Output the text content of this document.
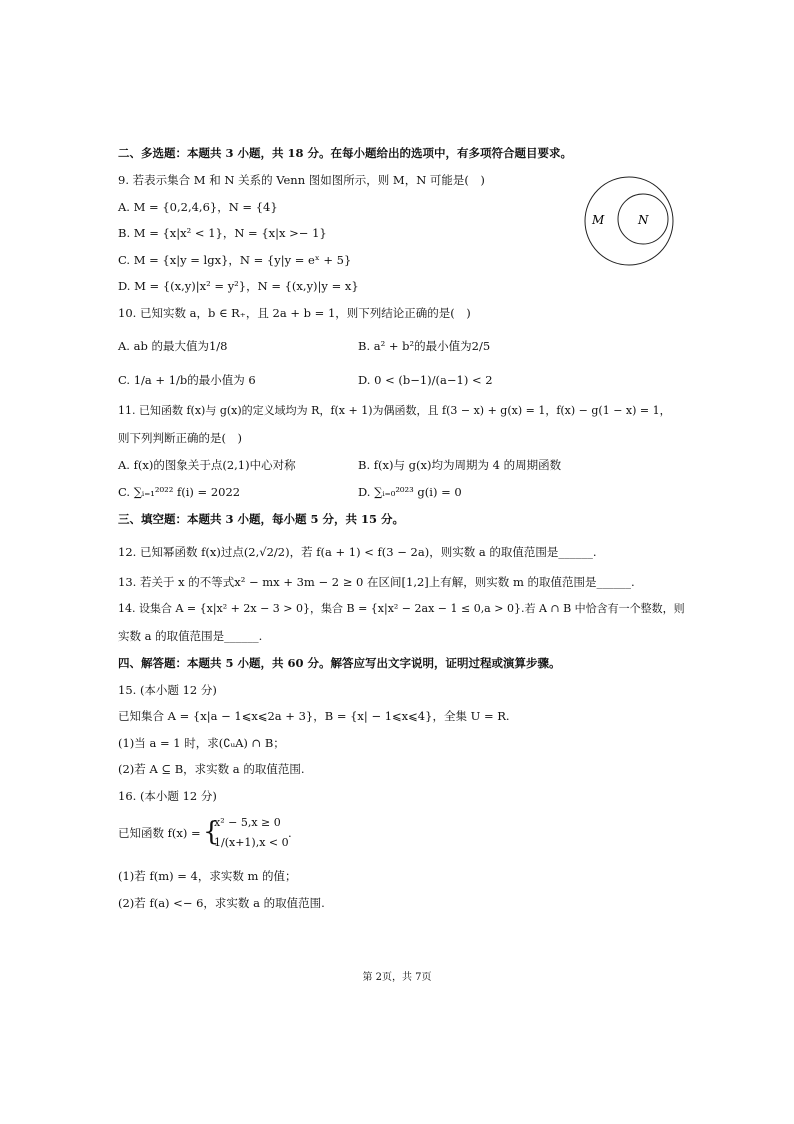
二、多选题：本题共 3 小题，共 18 分。在每小题给出的选项中，有多项符合题目要求。
9. 若表示集合 M 和 N 关系的 Venn 图如图所示，则 M，N 可能是(　)
A. M = {0,2,4,6}，N = {4}
B. M = {x|x² < 1}，N = {x|x >− 1}
C. M = {x|y = lgx}，N = {y|y = eˣ + 5}
D. M = {(x,y)|x² = y²}，N = {(x,y)|y = x}
M	N
10. 已知实数 a，b ∈ R₊，且 2a + b = 1，则下列结论正确的是(　)
A. ab 的最大值为1/8	B. a² + b²的最小值为2/5
C. 1/a + 1/b的最小值为 6	D. 0 < (b−1)/(a−1) < 2
11. 已知函数 f(x)与 g(x)的定义域均为 R，f(x + 1)为偶函数，且 f(3 − x) + g(x) = 1，f(x) − g(1 − x) = 1，
则下列判断正确的是(　)
A. f(x)的图象关于点(2,1)中心对称	B. f(x)与 g(x)均为周期为 4 的周期函数
C. ∑ᵢ₌₁²⁰²² f(i) = 2022	D. ∑ᵢ₌₀²⁰²³ g(i) = 0
三、填空题：本题共 3 小题，每小题 5 分，共 15 分。
12. 已知幂函数 f(x)过点(2,√2/2)，若 f(a + 1) < f(3 − 2a)，则实数 a 的取值范围是______.
13. 若关于 x 的不等式x² − mx + 3m − 2 ≥ 0 在区间[1,2]上有解，则实数 m 的取值范围是______.
14. 设集合 A = {x|x² + 2x − 3 > 0}，集合 B = {x|x² − 2ax − 1 ≤ 0,a > 0}.若 A ∩ B 中恰含有一个整数，则
实数 a 的取值范围是______.
四、解答题：本题共 5 小题，共 60 分。解答应写出文字说明，证明过程或演算步骤。
15. (本小题 12 分)
已知集合 A = {x|a − 1⩽x⩽2a + 3}，B = {x| − 1⩽x⩽4}，全集 U = R.
(1)当 a = 1 时，求(∁ᵤA) ∩ B；
(2)若 A ⊆ B，求实数 a 的取值范围.
16. (本小题 12 分)
已知函数 f(x) = {
x² − 5,x ≥ 0
1/(x+1),x < 0
.
(1)若 f(m) = 4，求实数 m 的值；
(2)若 f(a) <− 6，求实数 a 的取值范围.
第 2页，共 7页
